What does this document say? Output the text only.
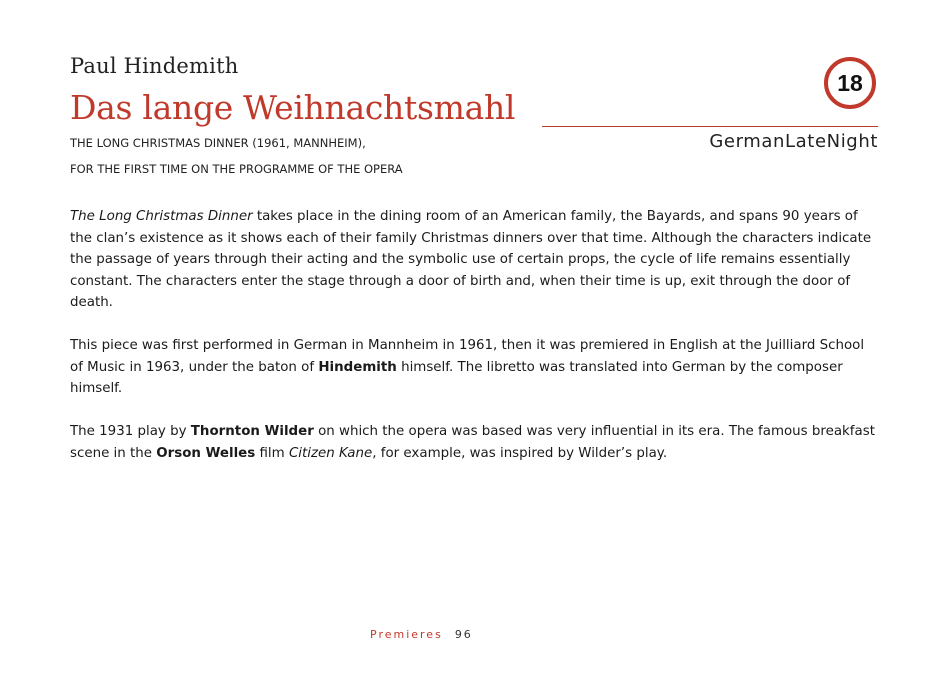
Paul Hindemith
Das lange Weihnachtsmahl
18
GermanLateNight
THE LONG CHRISTMAS DINNER (1961, MANNHEIM),
FOR THE FIRST TIME ON THE PROGRAMME OF THE OPERA

The Long Christmas Dinner takes place in the dining room of an American family, the Bayards, and spans 90 years of the clan’s existence as it shows each of their family Christmas dinners over that time. Although the characters indicate the passage of years through their acting and the symbolic use of certain props, the cycle of life remains essentially constant. The characters enter the stage through a door of birth and, when their time is up, exit through the door of death.

This piece was first performed in German in Mannheim in 1961, then it was premiered in English at the Juilliard School of Music in 1963, under the baton of Hindemith himself. The libretto was translated into German by the composer himself.

The 1931 play by Thornton Wilder on which the opera was based was very influential in its era. The famous breakfast scene in the Orson Welles film Citizen Kane, for example, was inspired by Wilder’s play.

Premieres 96
